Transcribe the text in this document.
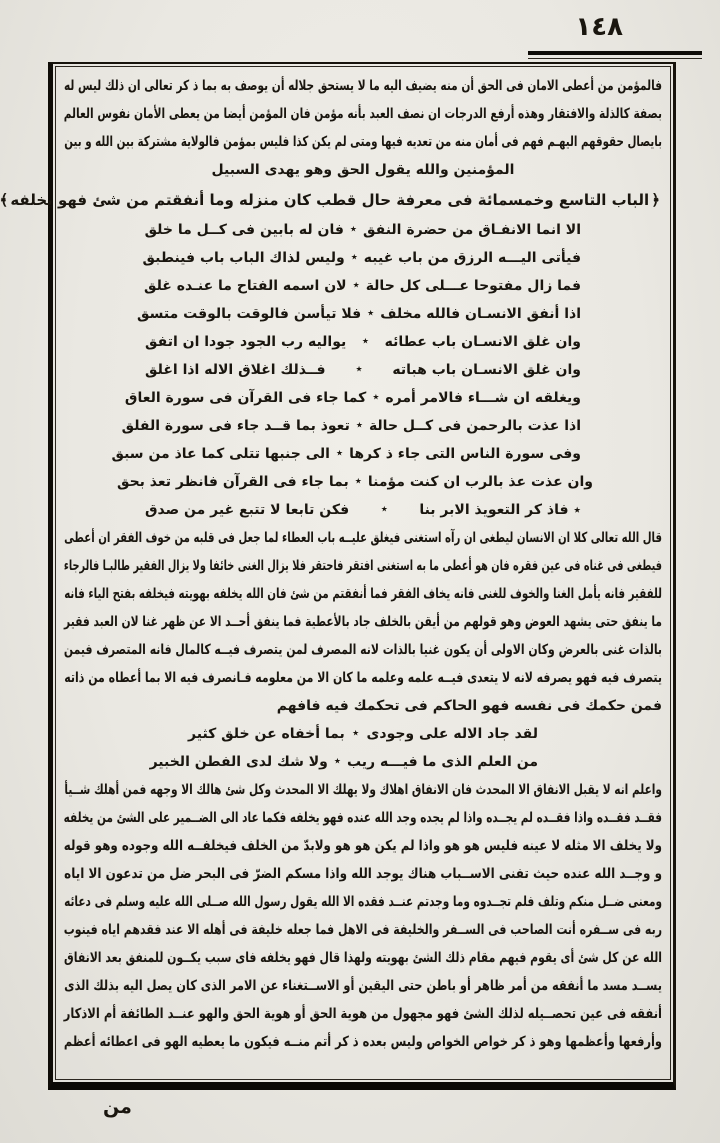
١٤٨
فالمؤمن من أعطى الامان فى الحق أن منه يضيف اليه ما لا يستحق جلاله أن يوصف به بما ذ كر تعالى ان ذلك ليس له
بصفة كالذلة والافتقار وهذه أرفع الدرجات ان نصف العبد بأنه مؤمن فان المؤمن أيضا من يعطى الأمان نفوس العالم
بايصال حقوقهم اليهـم فهم فى أمان منه من تعديه فيها ومتى لم يكن كذا فليس بمؤمن فالولاية مشتركة بين الله و بين
المؤمنين والله يقول الحق وهو يهدى السبيل
﴿الباب التاسع وخمسمائة فى معرفة حال قطب كان منزله وما أنفقتم من شئ فهو يخلفه﴾
الا انما الانفـاق من حضرة النفق
٭
فان له بابين فى كــل ما خلق
فيأتى اليـــه الرزق من باب غيبه
٭
وليس لذاك الباب باب فينطبق
فما زال مفتوحا عـــلى كل حالة
٭
لان اسمه الفتاح ما عنـده غلق
اذا أنفق الانسـان فالله مخلف
٭
فلا تيأسن فالوقت بالوقت متسق
وان غلق الانسـان باب عطائه
٭
يواليه رب الجود جودا ان اتفق
وان غلق الانسـان باب هباته
٭
فــذلك اغلاق الاله اذا اغلق
ويغلقه ان شـــاء فالامر أمره
٭
كما جاء فى القرآن فى سورة العاق
اذا عذت بالرحمن فى كــل حالة
٭
تعوذ بما قــد جاء فى سورة الفلق
وفى سورة الناس التى جاء ذ كرها
٭
الى جنبها تتلى كما عاذ من سبق
وان عذت عذ بالرب ان كنت مؤمنا
٭
بما جاء فى القرآن فانظر تعذ بحق
٭ فاذ كر التعويذ الابر بنا
٭
فكن تابعا لا تتبع غير من صدق
قال الله تعالى كلا ان الانسان ليطغى ان رآه استغنى فيغلق عليــه باب العطاء لما جعل فى قلبه من خوف الفقر ان أعطى
فيطغى فى غناه فى عين فقره فان هو أعطى ما به استغنى افتقر فاحتقر فلا يزال الغنى خائفا ولا يزال الفقير طالبـا فالرجاء
للفقير فانه يأمل الغنا والخوف للغنى فانه يخاف الفقر فما أنفقتم من شئ فان الله يخلفه بهويته فيخلفه بفتح الياء فانه
ما ينفق حتى يشهد العوض وهو قولهم من أيقن بالخلف جاد بالأعطية فما ينفق أحــد الا عن ظهر غنا لان العبد فقير
بالذات غنى بالعرض وكان الاولى أن يكون غنيا بالذات لانه المصرف لمن يتصرف فيــه كالمال فانه المتصرف فيمن
يتصرف فيه فهو يصرفه لانه لا يتعدى فيــه علمه وعلمه ما كان الا من معلومه فـانصرف فيه الا بما أعطاه من ذاته
فمن حكمك فى نفسه فهو الحاكم فى تحكمك فيه فافهم
لقد جاد الاله على وجودى
٭
بما أخفاه عن خلق كثير
من العلم الذى ما فيـــه ريب
٭
ولا شك لدى الفطن الخبير
واعلم انه لا يقبل الانفاق الا المحدث فان الانفاق اهلاك ولا يهلك الا المحدث وكل شئ هالك الا وجهه فمن أهلك شــيأ
فقــد فقــده واذا فقــده لم يجــده واذا لم يجده وجد الله عنده فهو يخلفه فكما عاد الى الضــمير على الشئ من يخلفه
ولا يخلف الا مثله لا عينه فليس هو هو واذا لم يكن هو هو ولابدّ من الخلف فيخلفــه الله وجوده وهو قوله
و وجــد الله عنده حيث تفنى الاســباب هناك يوجد الله واذا مسكم الضرّ فى البحر ضل من تدعون الا اياه
ومعنى ضــل منكم وتلف فلم تجــدوه وما وجدتم عنــد فقده الا الله يقول رسول الله صــلى الله عليه وسلم فى دعائه
ربه فى ســفره أنت الصاحب فى الســفر والخليفة فى الاهل فما جعله خليفة فى أهله الا عند فقدهم اياه فينوب
الله عن كل شئ أى يقوم فيهم مقام ذلك الشئ بهويته ولهذا قال فهو يخلفه فاى سبب يكــون للمنفق بعد الانفاق
يســد مسد ما أنفقه من أمر ظاهر أو باطن حتى اليقين أو الاســتغناء عن الامر الذى كان يصل اليه بذلك الذى
أنفقه فى عين تحصــيله لذلك الشئ فهو مجهول من هوية الحق أو هوية الحق والهو عنــد الطائفة أم الاذكار
وأرفعها وأعظمها وهو ذ كر خواص الخواص وليس بعده ذ كر أتم منــه فيكون ما يعطيه الهو فى اعطائه أعظم
من
